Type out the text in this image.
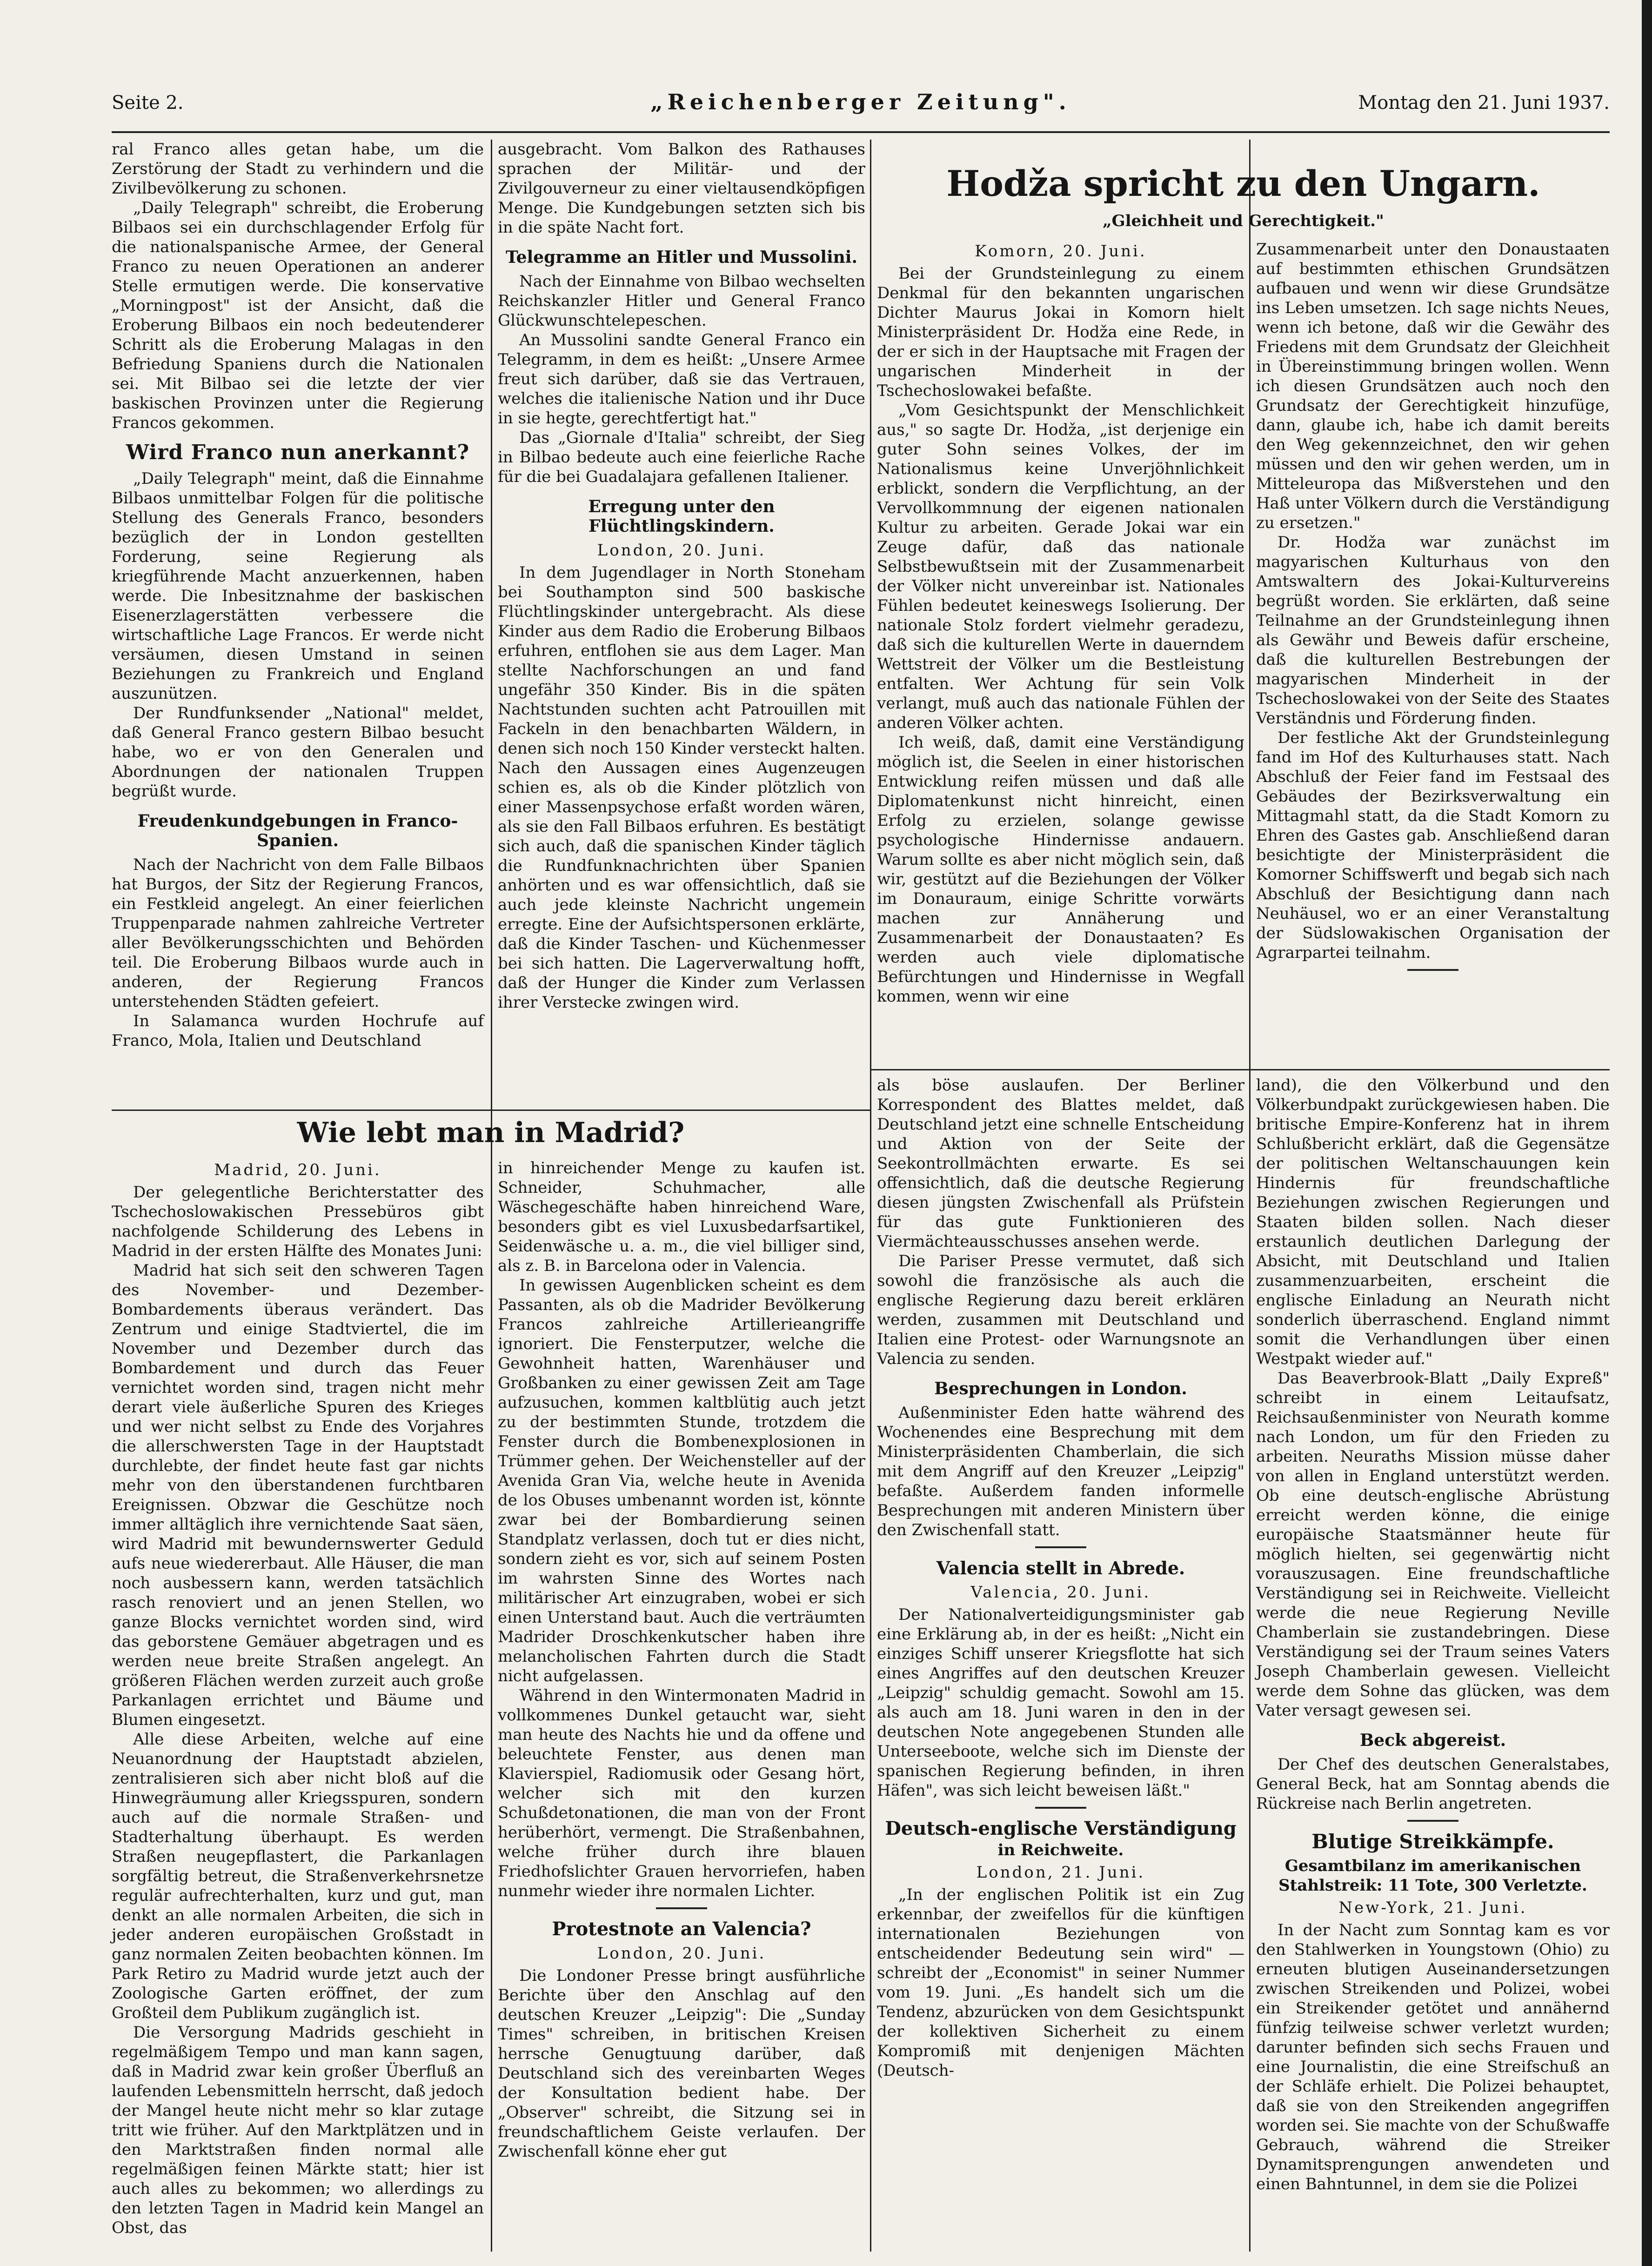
Seite 2.	„Reichenberger Zeitung".	Montag den 21. Juni 1937.

ral Franco alles getan habe, um die Zerstörung der Stadt zu verhindern und die Zivilbevölkerung zu schonen.

„Daily Telegraph" schreibt, die Eroberung Bilbaos sei ein durchschlagender Erfolg für die nationalspanische Armee, der General Franco zu neuen Operationen an anderer Stelle ermutigen werde. Die konservative „Morningpost" ist der Ansicht, daß die Eroberung Bilbaos ein noch bedeutenderer Schritt als die Eroberung Malagas in den Befriedung Spaniens durch die Nationalen sei. Mit Bilbao sei die letzte der vier baskischen Provinzen unter die Regierung Francos gekommen.

Wird Franco nun anerkannt?

„Daily Telegraph" meint, daß die Einnahme Bilbaos unmittelbar Folgen für die politische Stellung des Generals Franco, besonders bezüglich der in London gestellten Forderung, seine Regierung als kriegführende Macht anzuerkennen, haben werde. Die Inbesitznahme der baskischen Eisenerzlagerstätten verbessere die wirtschaftliche Lage Francos. Er werde nicht versäumen, diesen Umstand in seinen Beziehungen zu Frankreich und England auszunützen.

Der Rundfunksender „National" meldet, daß General Franco gestern Bilbao besucht habe, wo er von den Generalen und Abordnungen der nationalen Truppen begrüßt wurde.

Freudenkundgebungen in Franco-Spanien.

Nach der Nachricht von dem Falle Bilbaos hat Burgos, der Sitz der Regierung Francos, ein Festkleid angelegt. An einer feierlichen Truppenparade nahmen zahlreiche Vertreter aller Bevölkerungsschichten und Behörden teil. Die Eroberung Bilbaos wurde auch in anderen, der Regierung Francos unterstehenden Städten gefeiert.

In Salamanca wurden Hochrufe auf Franco, Mola, Italien und Deutschland

ausgebracht. Vom Balkon des Rathauses sprachen der Militär- und der Zivilgouverneur zu einer vieltausendköpfigen Menge. Die Kundgebungen setzten sich bis in die späte Nacht fort.

Telegramme an Hitler und Mussolini.

Nach der Einnahme von Bilbao wechselten Reichskanzler Hitler und General Franco Glückwunschtelepeschen.

An Mussolini sandte General Franco ein Telegramm, in dem es heißt: „Unsere Armee freut sich darüber, daß sie das Vertrauen, welches die italienische Nation und ihr Duce in sie hegte, gerechtfertigt hat."

Das „Giornale d'Italia" schreibt, der Sieg in Bilbao bedeute auch eine feierliche Rache für die bei Guadalajara gefallenen Italiener.

Erregung unter den Flüchtlingskindern.
London, 20. Juni.

In dem Jugendlager in North Stoneham bei Southampton sind 500 baskische Flüchtlingskinder untergebracht. Als diese Kinder aus dem Radio die Eroberung Bilbaos erfuhren, entflohen sie aus dem Lager. Man stellte Nachforschungen an und fand ungefähr 350 Kinder. Bis in die späten Nachtstunden suchten acht Patrouillen mit Fackeln in den benachbarten Wäldern, in denen sich noch 150 Kinder versteckt halten. Nach den Aussagen eines Augenzeugen schien es, als ob die Kinder plötzlich von einer Massenpsychose erfaßt worden wären, als sie den Fall Bilbaos erfuhren. Es bestätigt sich auch, daß die spanischen Kinder täglich die Rundfunknachrichten über Spanien anhörten und es war offensichtlich, daß sie auch jede kleinste Nachricht ungemein erregte. Eine der Aufsichtspersonen erklärte, daß die Kinder Taschen- und Küchenmesser bei sich hatten. Die Lagerverwaltung hofft, daß der Hunger die Kinder zum Verlassen ihrer Verstecke zwingen wird.

Wie lebt man in Madrid?
Madrid, 20. Juni.

Der gelegentliche Berichterstatter des Tschechoslowakischen Pressebüros gibt nachfolgende Schilderung des Lebens in Madrid in der ersten Hälfte des Monates Juni:

Madrid hat sich seit den schweren Tagen des November- und Dezember-Bombardements überaus verändert. Das Zentrum und einige Stadtviertel, die im November und Dezember durch das Bombardement und durch das Feuer vernichtet worden sind, tragen nicht mehr derart viele äußerliche Spuren des Krieges und wer nicht selbst zu Ende des Vorjahres die allerschwersten Tage in der Hauptstadt durchlebte, der findet heute fast gar nichts mehr von den überstandenen furchtbaren Ereignissen. Obzwar die Geschütze noch immer alltäglich ihre vernichtende Saat säen, wird Madrid mit bewundernswerter Geduld aufs neue wiedererbaut. Alle Häuser, die man noch ausbessern kann, werden tatsächlich rasch renoviert und an jenen Stellen, wo ganze Blocks vernichtet worden sind, wird das geborstene Gemäuer abgetragen und es werden neue breite Straßen angelegt. An größeren Flächen werden zurzeit auch große Parkanlagen errichtet und Bäume und Blumen eingesetzt.

Alle diese Arbeiten, welche auf eine Neuanordnung der Hauptstadt abzielen, zentralisieren sich aber nicht bloß auf die Hinwegräumung aller Kriegsspuren, sondern auch auf die normale Straßen- und Stadterhaltung überhaupt. Es werden Straßen neugepflastert, die Parkanlagen sorgfältig betreut, die Straßenverkehrsnetze regulär aufrechterhalten, kurz und gut, man denkt an alle normalen Arbeiten, die sich in jeder anderen europäischen Großstadt in ganz normalen Zeiten beobachten können. Im Park Retiro zu Madrid wurde jetzt auch der Zoologische Garten eröffnet, der zum Großteil dem Publikum zugänglich ist.

Die Versorgung Madrids geschieht in regelmäßigem Tempo und man kann sagen, daß in Madrid zwar kein großer Überfluß an laufenden Lebensmitteln herrscht, daß jedoch der Mangel heute nicht mehr so klar zutage tritt wie früher. Auf den Marktplätzen und in den Marktstraßen finden normal alle regelmäßigen feinen Märkte statt; hier ist auch alles zu bekommen; wo allerdings zu den letzten Tagen in Madrid kein Mangel an Obst, das

in hinreichender Menge zu kaufen ist. Schneider, Schuhmacher, alle Wäschegeschäfte haben hinreichend Ware, besonders gibt es viel Luxusbedarfsartikel, Seidenwäsche u. a. m., die viel billiger sind, als z. B. in Barcelona oder in Valencia.

In gewissen Augenblicken scheint es dem Passanten, als ob die Madrider Bevölkerung Francos zahlreiche Artillerieangriffe ignoriert. Die Fensterputzer, welche die Gewohnheit hatten, Warenhäuser und Großbanken zu einer gewissen Zeit am Tage aufzusuchen, kommen kaltblütig auch jetzt zu der bestimmten Stunde, trotzdem die Fenster durch die Bombenexplosionen in Trümmer gehen. Der Weichensteller auf der Avenida Gran Via, welche heute in Avenida de los Obuses umbenannt worden ist, könnte zwar bei der Bombardierung seinen Standplatz verlassen, doch tut er dies nicht, sondern zieht es vor, sich auf seinem Posten im wahrsten Sinne des Wortes nach militärischer Art einzugraben, wobei er sich einen Unterstand baut. Auch die verträumten Madrider Droschkenkutscher haben ihre melancholischen Fahrten durch die Stadt nicht aufgelassen.

Während in den Wintermonaten Madrid in vollkommenes Dunkel getaucht war, sieht man heute des Nachts hie und da offene und beleuchtete Fenster, aus denen man Klavierspiel, Radiomusik oder Gesang hört, welcher sich mit den kurzen Schußdetonationen, die man von der Front herüberhört, vermengt. Die Straßenbahnen, welche früher durch ihre blauen Friedhofslichter Grauen hervorriefen, haben nunmehr wieder ihre normalen Lichter.

Protestnote an Valencia?
London, 20. Juni.

Die Londoner Presse bringt ausführliche Berichte über den Anschlag auf den deutschen Kreuzer „Leipzig": Die „Sunday Times" schreiben, in britischen Kreisen herrsche Genugtuung darüber, daß Deutschland sich des vereinbarten Weges der Konsultation bedient habe. Der „Observer" schreibt, die Sitzung sei in freundschaftlichem Geiste verlaufen. Der Zwischenfall könne eher gut

Hodža spricht zu den Ungarn.
„Gleichheit und Gerechtigkeit."
Komorn, 20. Juni.

Bei der Grundsteinlegung zu einem Denkmal für den bekannten ungarischen Dichter Maurus Jokai in Komorn hielt Ministerpräsident Dr. Hodža eine Rede, in der er sich in der Hauptsache mit Fragen der ungarischen Minderheit in der Tschechoslowakei befaßte.

„Vom Gesichtspunkt der Menschlichkeit aus," so sagte Dr. Hodža, „ist derjenige ein guter Sohn seines Volkes, der im Nationalismus keine Unverjöhnlichkeit erblickt, sondern die Verpflichtung, an der Vervollkommnung der eigenen nationalen Kultur zu arbeiten. Gerade Jokai war ein Zeuge dafür, daß das nationale Selbstbewußtsein mit der Zusammenarbeit der Völker nicht unvereinbar ist. Nationales Fühlen bedeutet keineswegs Isolierung. Der nationale Stolz fordert vielmehr geradezu, daß sich die kulturellen Werte in dauerndem Wettstreit der Völker um die Bestleistung entfalten. Wer Achtung für sein Volk verlangt, muß auch das nationale Fühlen der anderen Völker achten.

Ich weiß, daß, damit eine Verständigung möglich ist, die Seelen in einer historischen Entwicklung reifen müssen und daß alle Diplomatenkunst nicht hinreicht, einen Erfolg zu erzielen, solange gewisse psychologische Hindernisse andauern. Warum sollte es aber nicht möglich sein, daß wir, gestützt auf die Beziehungen der Völker im Donauraum, einige Schritte vorwärts machen zur Annäherung und Zusammenarbeit der Donaustaaten? Es werden auch viele diplomatische Befürchtungen und Hindernisse in Wegfall kommen, wenn wir eine

Zusammenarbeit unter den Donaustaaten auf bestimmten ethischen Grundsätzen aufbauen und wenn wir diese Grundsätze ins Leben umsetzen. Ich sage nichts Neues, wenn ich betone, daß wir die Gewähr des Friedens mit dem Grundsatz der Gleichheit in Übereinstimmung bringen wollen. Wenn ich diesen Grundsätzen auch noch den Grundsatz der Gerechtigkeit hinzufüge, dann, glaube ich, habe ich damit bereits den Weg gekennzeichnet, den wir gehen müssen und den wir gehen werden, um in Mitteleuropa das Mißverstehen und den Haß unter Völkern durch die Verständigung zu ersetzen."

Dr. Hodža war zunächst im magyarischen Kulturhaus von den Amtswaltern des Jokai-Kulturvereins begrüßt worden. Sie erklärten, daß seine Teilnahme an der Grundsteinlegung ihnen als Gewähr und Beweis dafür erscheine, daß die kulturellen Bestrebungen der magyarischen Minderheit in der Tschechoslowakei von der Seite des Staates Verständnis und Förderung finden.

Der festliche Akt der Grundsteinlegung fand im Hof des Kulturhauses statt. Nach Abschluß der Feier fand im Festsaal des Gebäudes der Bezirksverwaltung ein Mittagmahl statt, da die Stadt Komorn zu Ehren des Gastes gab. Anschließend daran besichtigte der Ministerpräsident die Komorner Schiffswerft und begab sich nach Abschluß der Besichtigung dann nach Neuhäusel, wo er an einer Veranstaltung der Südslowakischen Organisation der Agrarpartei teilnahm.

als böse auslaufen. Der Berliner Korrespondent des Blattes meldet, daß Deutschland jetzt eine schnelle Entscheidung und Aktion von der Seite der Seekontrollmächten erwarte. Es sei offensichtlich, daß die deutsche Regierung diesen jüngsten Zwischenfall als Prüfstein für das gute Funktionieren des Viermächteausschusses ansehen werde.

Die Pariser Presse vermutet, daß sich sowohl die französische als auch die englische Regierung dazu bereit erklären werden, zusammen mit Deutschland und Italien eine Protest- oder Warnungsnote an Valencia zu senden.

Besprechungen in London.

Außenminister Eden hatte während des Wochenendes eine Besprechung mit dem Ministerpräsidenten Chamberlain, die sich mit dem Angriff auf den Kreuzer „Leipzig" befaßte. Außerdem fanden informelle Besprechungen mit anderen Ministern über den Zwischenfall statt.

Valencia stellt in Abrede.
Valencia, 20. Juni.

Der Nationalverteidigungsminister gab eine Erklärung ab, in der es heißt: „Nicht ein einziges Schiff unserer Kriegsflotte hat sich eines Angriffes auf den deutschen Kreuzer „Leipzig" schuldig gemacht. Sowohl am 15. als auch am 18. Juni waren in den in der deutschen Note angegebenen Stunden alle Unterseeboote, welche sich im Dienste der spanischen Regierung befinden, in ihren Häfen", was sich leicht beweisen läßt."

Deutsch-englische Verständigung
in Reichweite.
London, 21. Juni.

„In der englischen Politik ist ein Zug erkennbar, der zweifellos für die künftigen internationalen Beziehungen von entscheidender Bedeutung sein wird" — schreibt der „Economist" in seiner Nummer vom 19. Juni. „Es handelt sich um die Tendenz, abzurücken von dem Gesichtspunkt der kollektiven Sicherheit zu einem Kompromiß mit denjenigen Mächten (Deutsch-

land), die den Völkerbund und den Völkerbundpakt zurückgewiesen haben. Die britische Empire-Konferenz hat in ihrem Schlußbericht erklärt, daß die Gegensätze der politischen Weltanschauungen kein Hindernis für freundschaftliche Beziehungen zwischen Regierungen und Staaten bilden sollen. Nach dieser erstaunlich deutlichen Darlegung der Absicht, mit Deutschland und Italien zusammenzuarbeiten, erscheint die englische Einladung an Neurath nicht sonderlich überraschend. England nimmt somit die Verhandlungen über einen Westpakt wieder auf."

Das Beaverbrook-Blatt „Daily Expreß" schreibt in einem Leitaufsatz, Reichsaußenminister von Neurath komme nach London, um für den Frieden zu arbeiten. Neuraths Mission müsse daher von allen in England unterstützt werden. Ob eine deutsch-englische Abrüstung erreicht werden könne, die einige europäische Staatsmänner heute für möglich hielten, sei gegenwärtig nicht vorauszusagen. Eine freundschaftliche Verständigung sei in Reichweite. Vielleicht werde die neue Regierung Neville Chamberlain sie zustandebringen. Diese Verständigung sei der Traum seines Vaters Joseph Chamberlain gewesen. Vielleicht werde dem Sohne das glücken, was dem Vater versagt gewesen sei.

Beck abgereist.

Der Chef des deutschen Generalstabes, General Beck, hat am Sonntag abends die Rückreise nach Berlin angetreten.

Blutige Streikkämpfe.
Gesamtbilanz im amerikanischen Stahlstreik: 11 Tote, 300 Verletzte.
New-York, 21. Juni.

In der Nacht zum Sonntag kam es vor den Stahlwerken in Youngstown (Ohio) zu erneuten blutigen Auseinandersetzungen zwischen Streikenden und Polizei, wobei ein Streikender getötet und annähernd fünfzig teilweise schwer verletzt wurden; darunter befinden sich sechs Frauen und eine Journalistin, die eine Streifschuß an der Schläfe erhielt. Die Polizei behauptet, daß sie von den Streikenden angegriffen worden sei. Sie machte von der Schußwaffe Gebrauch, während die Streiker Dynamitsprengungen anwendeten und einen Bahntunnel, in dem sie die Polizei
